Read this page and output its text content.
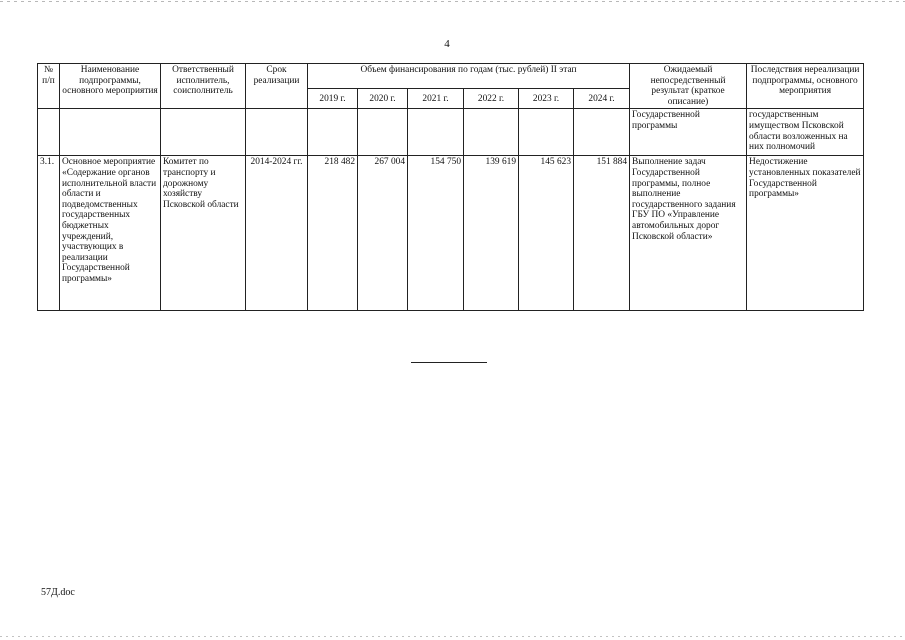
4
№ п/п	Наименование подпрограммы, основного мероприятия	Ответственный исполнитель, соисполнитель	Срок реализации	Объем финансирования по годам (тыс. рублей) II этап						Ожидаемый непосредственный результат (краткое описание)	Последствия нереализации подпрограммы, основного мероприятия
				2019 г.	2020 г.	2021 г.	2022 г.	2023 г.	2024 г.		
										Государственной программы	государственным имуществом Псковской области возложенных на них полномочий
3.1.	Основное мероприятие «Содержание органов исполнительной власти области и подведомственных государственных бюджетных учреждений, участвующих в реализации Государственной программы»	Комитет по транспорту и дорожному хозяйству Псковской области	2014-2024 гг.	218 482	267 004	154 750	139 619	145 623	151 884	Выполнение задач Государственной программы, полное выполнение государственного задания ГБУ ПО «Управление автомобильных дорог Псковской области»	Недостижение установленных показателей Государственной программы»
57Д.doc
